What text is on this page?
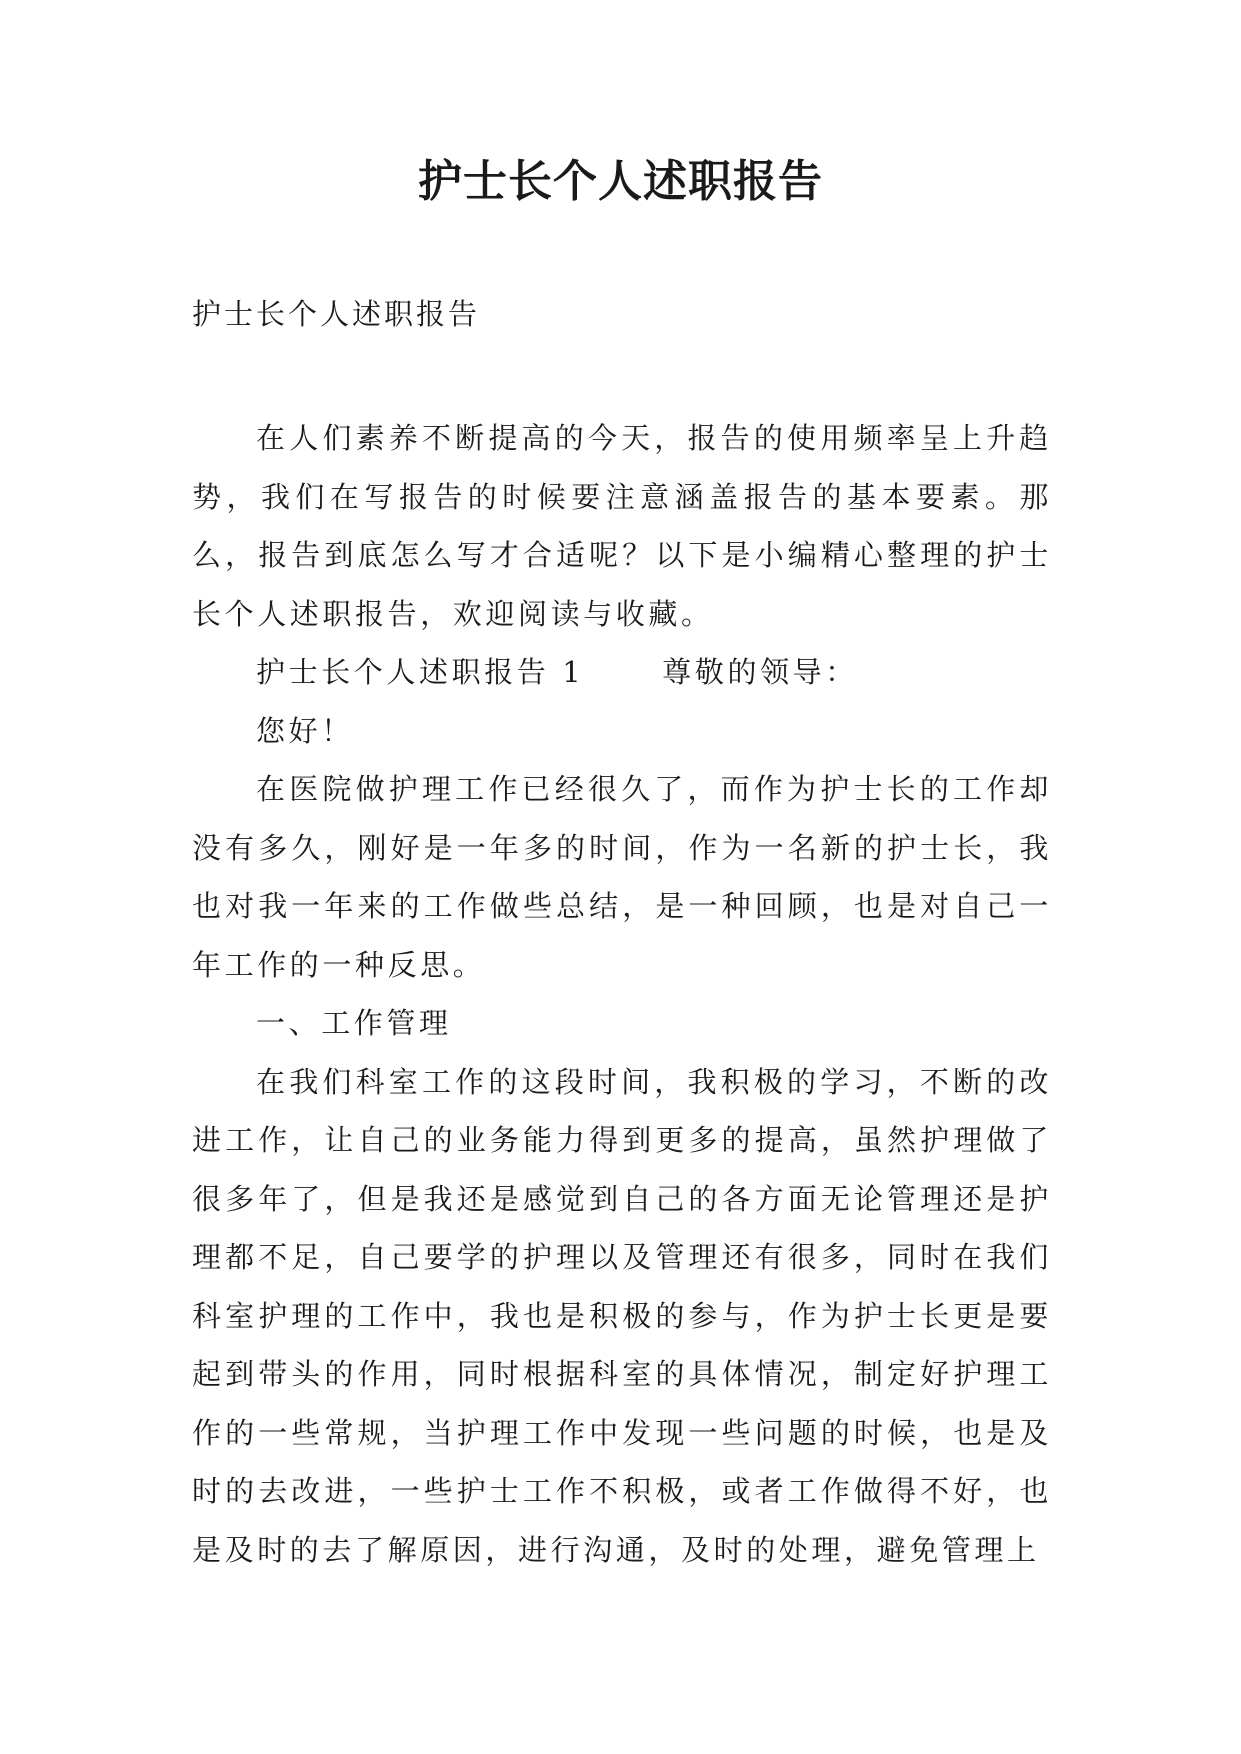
护士长个人述职报告

护士长个人述职报告

在人们素养不断提高的今天，报告的使用频率呈上升趋势，我们在写报告的时候要注意涵盖报告的基本要素。那么，报告到底怎么写才合适呢？以下是小编精心整理的护士长个人述职报告，欢迎阅读与收藏。

护士长个人述职报告 1	尊敬的领导：

您好！

在医院做护理工作已经很久了，而作为护士长的工作却没有多久，刚好是一年多的时间，作为一名新的护士长，我也对我一年来的工作做些总结，是一种回顾，也是对自己一年工作的一种反思。

一、工作管理

在我们科室工作的这段时间，我积极的学习，不断的改进工作，让自己的业务能力得到更多的提高，虽然护理做了很多年了，但是我还是感觉到自己的各方面无论管理还是护理都不足，自己要学的护理以及管理还有很多，同时在我们科室护理的工作中，我也是积极的参与，作为护士长更是要起到带头的作用，同时根据科室的具体情况，制定好护理工作的一些常规，当护理工作中发现一些问题的时候，也是及时的去改进，一些护士工作不积极，或者工作做得不好，也是及时的去了解原因，进行沟通，及时的处理，避免管理上
